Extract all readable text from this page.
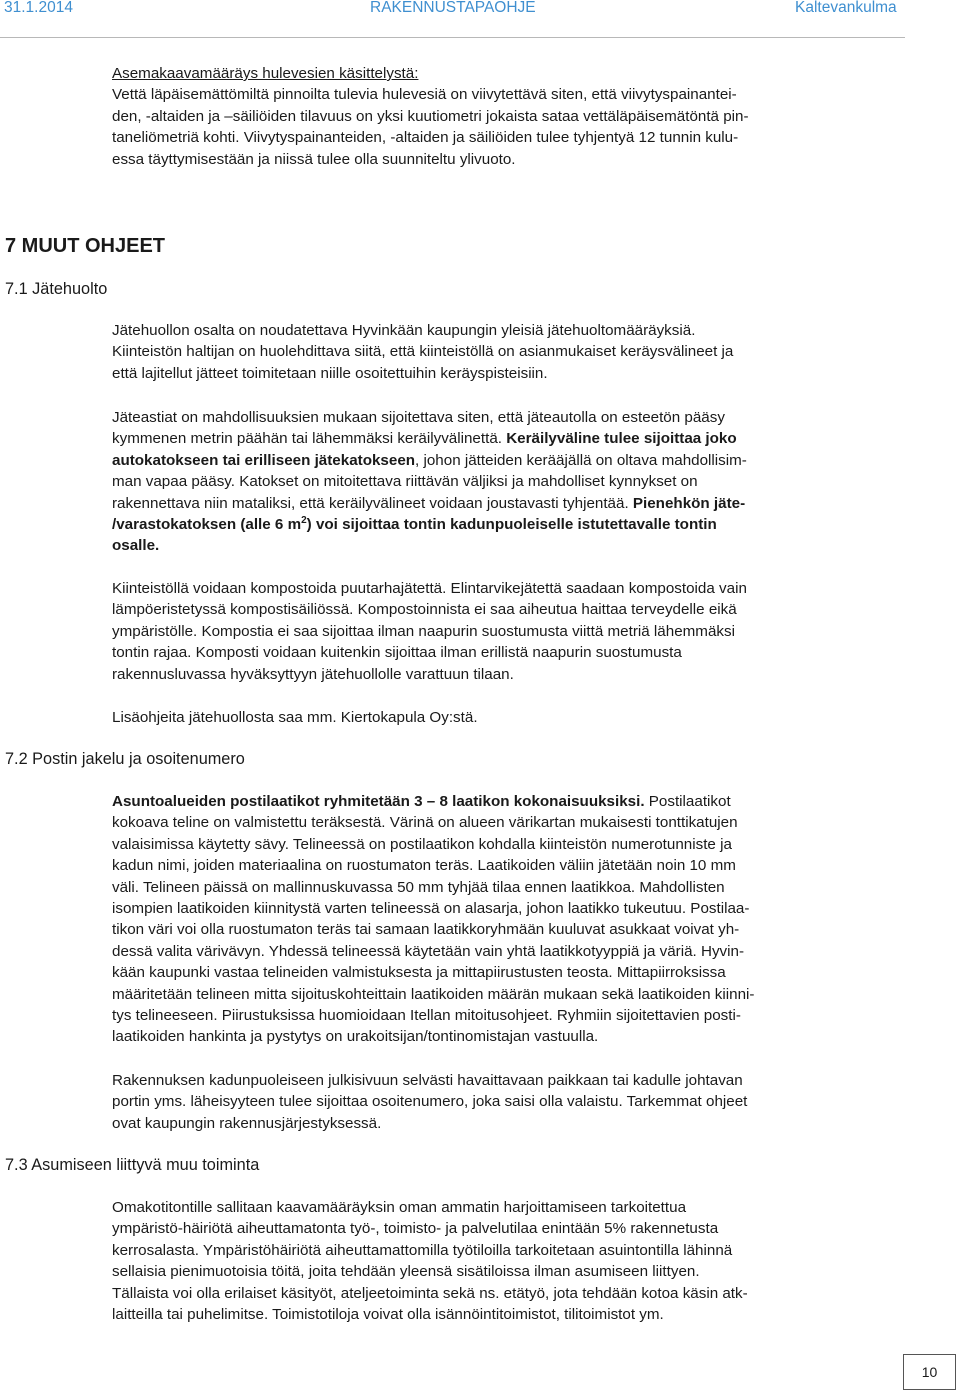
31.1.2014	RAKENNUSTAPAOHJE	Kaltevankulma

Asemakaavamääräys hulevesien käsittelystä:

Vettä läpäisemättömiltä pinnoilta tulevia hulevesiä on viivytettävä siten, että viivytyspainantei-

den, -altaiden ja –säiliöiden tilavuus on yksi kuutiometri jokaista sataa vettäläpäisemätöntä pin-

taneliömetriä kohti. Viivytyspainanteiden, -altaiden ja säiliöiden tulee tyhjentyä 12 tunnin kulu-

essa täyttymisestään ja niissä tulee olla suunniteltu ylivuoto.

7 MUUT OHJEET
7.1 Jätehuolto

Jätehuollon osalta on noudatettava Hyvinkään kaupungin yleisiä jätehuoltomääräyksiä.

Kiinteistön haltijan on huolehdittava siitä, että kiinteistöllä on asianmukaiset keräysvälineet ja

että lajitellut jätteet toimitetaan niille osoitettuihin keräyspisteisiin.

Jäteastiat on mahdollisuuksien mukaan sijoitettava siten, että jäteautolla on esteetön pääsy

kymmenen metrin päähän tai lähemmäksi keräilyvälinettä. Keräilyväline tulee sijoittaa joko

autokatokseen tai erilliseen jätekatokseen, johon jätteiden kerääjällä on oltava mahdollisim-

man vapaa pääsy. Katokset on mitoitettava riittävän väljiksi ja mahdolliset kynnykset on

rakennettava niin mataliksi, että keräilyvälineet voidaan joustavasti tyhjentää. Pienehkön jäte-

/varastokatoksen (alle 6 $m^2$) voi sijoittaa tontin kadunpuoleiselle istutettavalle tontin

osalle.

Kiinteistöllä voidaan kompostoida puutarhajätettä. Elintarvikejätettä saadaan kompostoida vain

lämpöeristetyssä kompostisäiliössä. Kompostoinnista ei saa aiheutua haittaa terveydelle eikä

ympäristölle. Kompostia ei saa sijoittaa ilman naapurin suostumusta viittä metriä lähemmäksi

tontin rajaa. Komposti voidaan kuitenkin sijoittaa ilman erillistä naapurin suostumusta

rakennusluvassa hyväksyttyyn jätehuollolle varattuun tilaan.

Lisäohjeita jätehuollosta saa mm. Kiertokapula Oy:stä.

7.2 Postin jakelu ja osoitenumero

Asuntoalueiden postilaatikot ryhmitetään 3 – 8 laatikon kokonaisuuksiksi. Postilaatikot

kokoava teline on valmistettu teräksestä. Värinä on alueen värikartan mukaisesti tonttikatujen

valaisimissa käytetty sävy. Telineessä on postilaatikon kohdalla kiinteistön numerotunniste ja

kadun nimi, joiden materiaalina on ruostumaton teräs. Laatikoiden väliin jätetään noin 10 mm

väli. Telineen päissä on mallinnuskuvassa 50 mm tyhjää tilaa ennen laatikkoa. Mahdollisten

isompien laatikoiden kiinnitystä varten telineessä on alasarja, johon laatikko tukeutuu. Postilaa-

tikon väri voi olla ruostumaton teräs tai samaan laatikkoryhmään kuuluvat asukkaat voivat yh-

dessä valita värivävyn. Yhdessä telineessä käytetään vain yhtä laatikkotyyppiä ja väriä. Hyvin-

kään kaupunki vastaa telineiden valmistuksesta ja mittapiirustusten teosta. Mittapiirroksissa

määritetään telineen mitta sijoituskohteittain laatikoiden määrän mukaan sekä laatikoiden kiinni-

tys telineeseen. Piirustuksissa huomioidaan Itellan mitoitusohjeet. Ryhmiin sijoitettavien posti-

laatikoiden hankinta ja pystytys on urakoitsijan/tontinomistajan vastuulla.

Rakennuksen kadunpuoleiseen julkisivuun selvästi havaittavaan paikkaan tai kadulle johtavan

portin yms. läheisyyteen tulee sijoittaa osoitenumero, joka saisi olla valaistu. Tarkemmat ohjeet

ovat kaupungin rakennusjärjestyksessä.

7.3 Asumiseen liittyvä muu toiminta

Omakotitontille sallitaan kaavamääräyksin oman ammatin harjoittamiseen tarkoitettua

ympäristö-häiriötä aiheuttamatonta työ-, toimisto- ja palvelutilaa enintään 5% rakennetusta

kerrosalasta. Ympäristöhäiriötä aiheuttamattomilla työtiloilla tarkoitetaan asuintontilla lähinnä

sellaisia pienimuotoisia töitä, joita tehdään yleensä sisätiloissa ilman asumiseen liittyen.

Tällaista voi olla erilaiset käsityöt, ateljeetoiminta sekä ns. etätyö, jota tehdään kotoa käsin atk-

laitteilla tai puhelimitse. Toimistotiloja voivat olla isännöintitoimistot, tilitoimistot ym.

10
